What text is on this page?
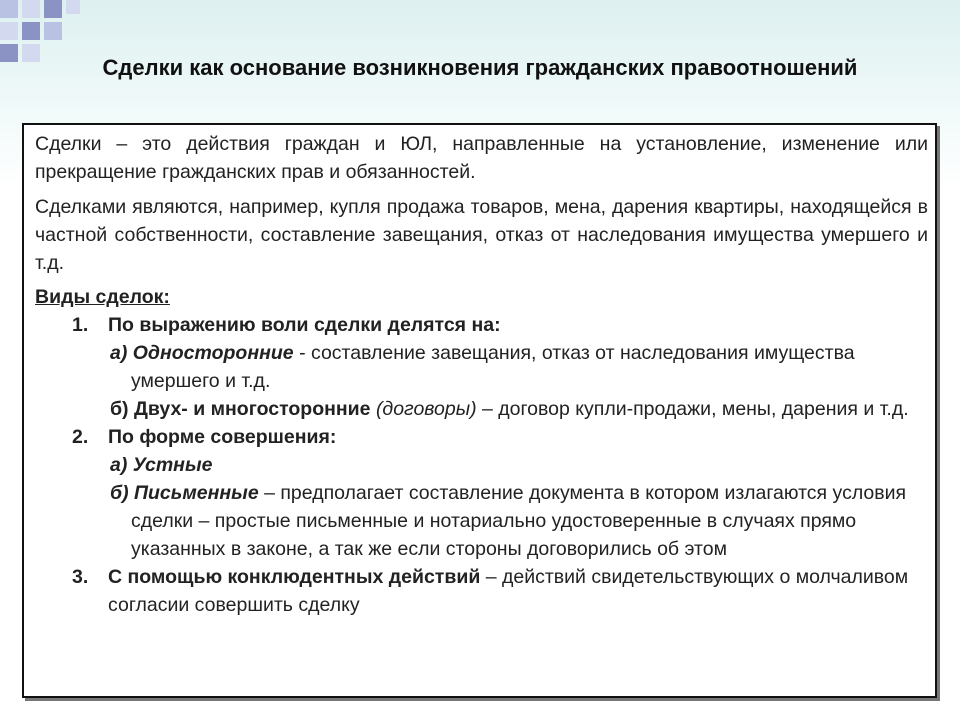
Сделки как основание возникновения гражданских правоотношений

Сделки – это действия граждан и ЮЛ, направленные на установление, изменение или прекращение гражданских прав и обязанностей.

Сделками являются, например, купля продажа товаров, мена, дарения квартиры, находящейся в частной собственности, составление завещания, отказ от наследования имущества умершего и т.д.

Виды сделок:
1. По выражению воли сделки делятся на:
а) Односторонние - составление завещания, отказ от наследования имущества умершего и т.д.
б) Двух- и многосторонние (договоры) – договор купли-продажи, мены, дарения и т.д.
2. По форме совершения:
а) Устные
б) Письменные – предполагает составление документа в котором излагаются условия сделки – простые письменные и нотариально удостоверенные в случаях прямо указанных в законе, а так же если стороны договорились об этом
3. С помощью конклюдентных действий – действий свидетельствующих о молчаливом согласии совершить сделку
